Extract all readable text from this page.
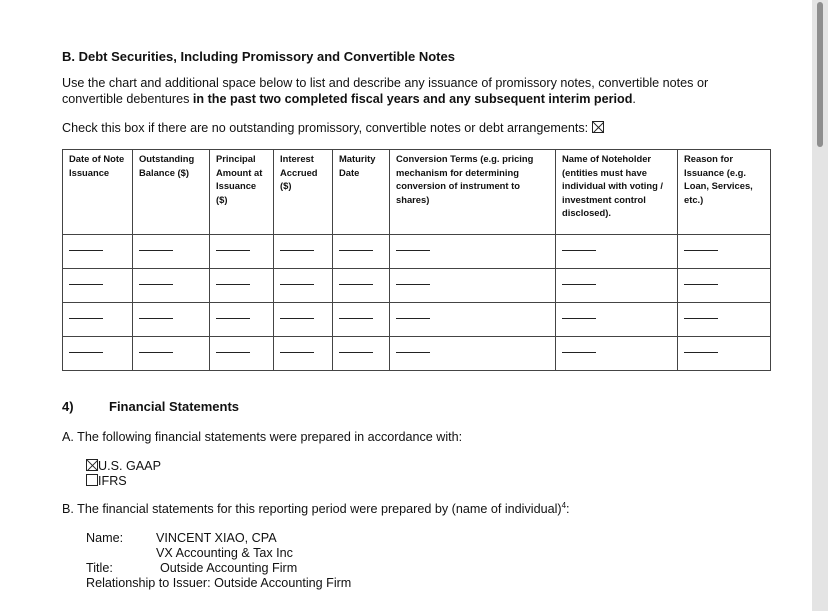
B. Debt Securities, Including Promissory and Convertible Notes
Use the chart and additional space below to list and describe any issuance of promissory notes, convertible notes or convertible debentures in the past two completed fiscal years and any subsequent interim period.
Check this box if there are no outstanding promissory, convertible notes or debt arrangements:
Date of Note Issuance	Outstanding Balance ($)	Principal Amount at Issuance ($)	Interest Accrued ($)	Maturity Date	Conversion Terms (e.g. pricing mechanism for determining conversion of instrument to shares)	Name of Noteholder (entities must have individual with voting / investment control disclosed).	Reason for Issuance (e.g. Loan, Services, etc.)

4)	Financial Statements
A. The following financial statements were prepared in accordance with:
U.S. GAAP
IFRS
B. The financial statements for this reporting period were prepared by (name of individual)$^4$:
Name:	VINCENT XIAO, CPA
VX Accounting & Tax Inc
Title:	Outside Accounting Firm
Relationship to Issuer: Outside Accounting Firm
